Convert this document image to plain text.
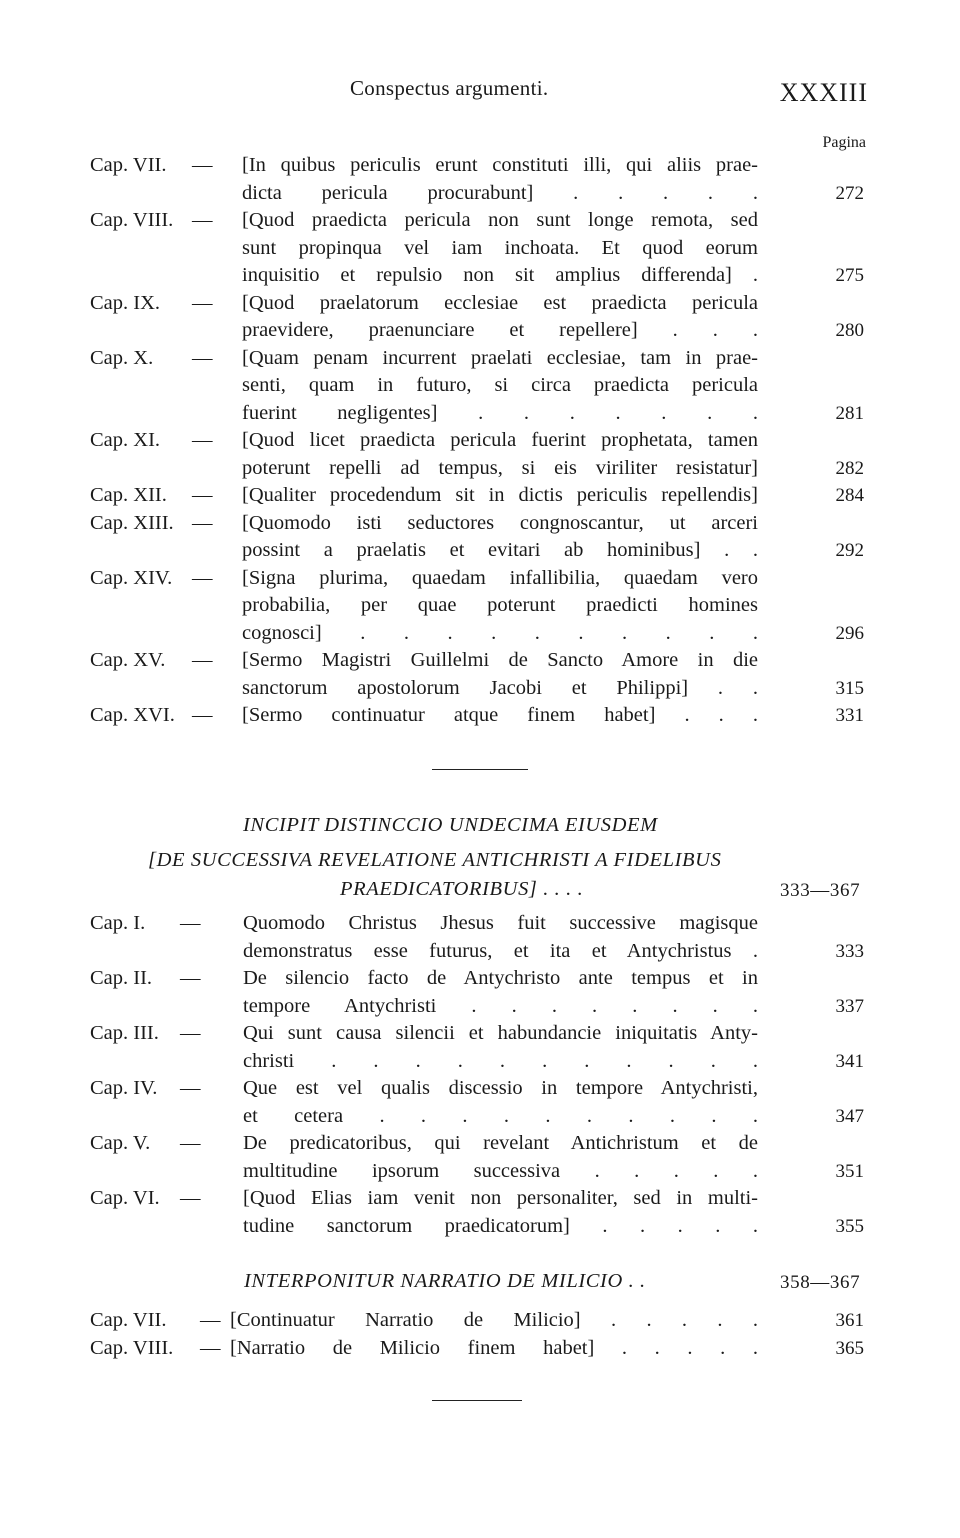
Conspectus argumenti.	XXXIII
Pagina
Cap. VII. — [In quibus periculis erunt constituti illi, qui aliis prae-
dicta pericula procurabunt] . . . . .	272
Cap. VIII. — [Quod praedicta pericula non sunt longe remota, sed
sunt propinqua vel iam inchoata. Et quod eorum
inquisitio et repulsio non sit amplius differenda] .	275
Cap. IX. — [Quod praelatorum ecclesiae est praedicta pericula
praevidere, praenunciare et repellere] . . .	280
Cap. X. — [Quam penam incurrent praelati ecclesiae, tam in prae-
senti, quam in futuro, si circa praedicta pericula
fuerint negligentes] . . . . . . .	281
Cap. XI. — [Quod licet praedicta pericula fuerint prophetata, tamen
poterunt repelli ad tempus, si eis viriliter resistatur]	282
Cap. XII. — [Qualiter procedendum sit in dictis periculis repellendis]	284
Cap. XIII. — [Quomodo isti seductores congnoscantur, ut arceri
possint a praelatis et evitari ab hominibus] . .	292
Cap. XIV. — [Signa plurima, quaedam infallibilia, quaedam vero
probabilia, per quae poterunt praedicti homines
cognosci] . . . . . . . . . .	296
Cap. XV. — [Sermo Magistri Guillelmi de Sancto Amore in die
sanctorum apostolorum Jacobi et Philippi] . .	315
Cap. XVI. — [Sermo continuatur atque finem habet] . . .	331
INCIPIT DISTINCCIO UNDECIMA EIUSDEM
[DE SUCCESSIVA REVELATIONE ANTICHRISTI A FIDELIBUS
PRAEDICATORIBUS] . . . .	333—367
Cap. I. — Quomodo Christus Jhesus fuit successive magisque
demonstratus esse futurus, et ita et Antychristus .	333
Cap. II. — De silencio facto de Antychristo ante tempus et in
tempore Antychristi . . . . . . . .	337
Cap. III. — Qui sunt causa silencii et habundancie iniquitatis Anty-
christi . . . . . . . . . . .	341
Cap. IV. — Que est vel qualis discessio in tempore Antychristi,
et cetera . . . . . . . . . .	347
Cap. V. — De predicatoribus, qui revelant Antichristum et de
multitudine ipsorum successiva . . . . .	351
Cap. VI. — [Quod Elias iam venit non personaliter, sed in multi-
tudine sanctorum praedicatorum] . . . . .	355
INTERPONITUR NARRATIO DE MILICIO . .	358—367
Cap. VII. — [Continuatur Narratio de Milicio] . . . . .	361
Cap. VIII. — [Narratio de Milicio finem habet] . . . . .	365
